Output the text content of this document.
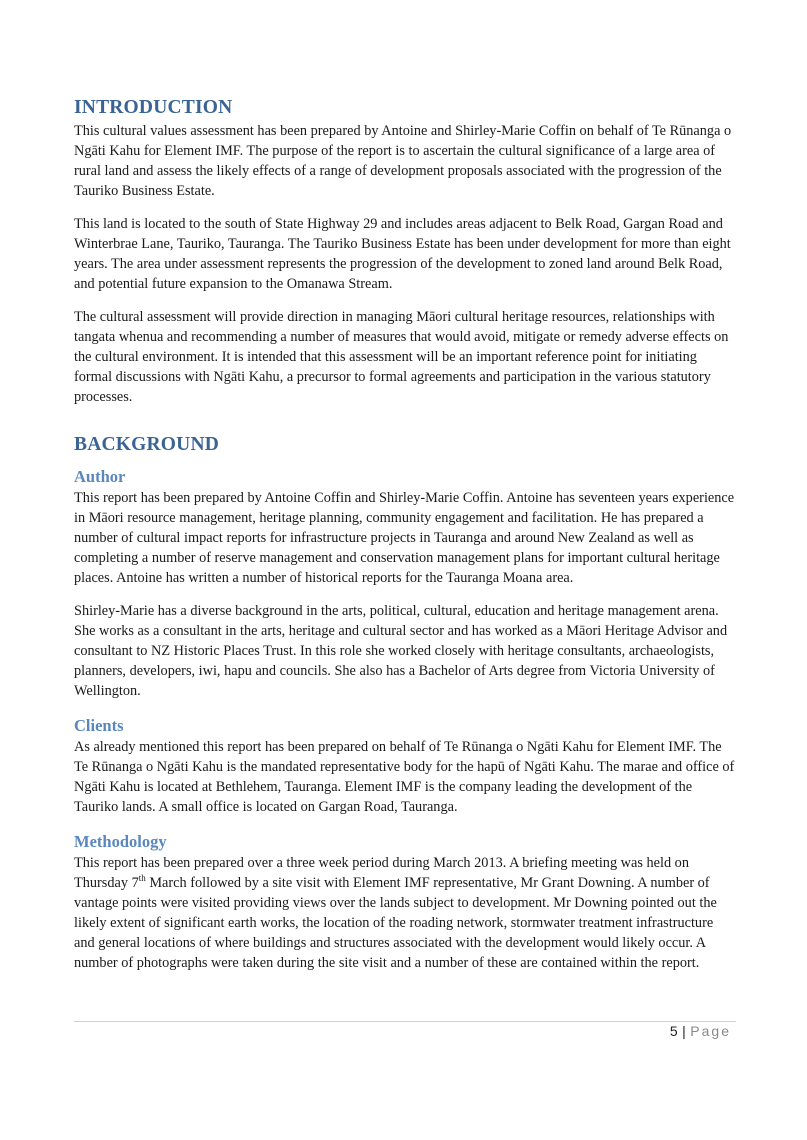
INTRODUCTION

This cultural values assessment has been prepared by Antoine and Shirley-Marie Coffin on behalf of Te Rūnanga o Ngāti Kahu for Element IMF. The purpose of the report is to ascertain the cultural significance of a large area of rural land and assess the likely effects of a range of development proposals associated with the progression of the Tauriko Business Estate.

This land is located to the south of State Highway 29 and includes areas adjacent to Belk Road, Gargan Road and Winterbrae Lane, Tauriko, Tauranga. The Tauriko Business Estate has been under development for more than eight years. The area under assessment represents the progression of the development to zoned land around Belk Road, and potential future expansion to the Omanawa Stream.

The cultural assessment will provide direction in managing Māori cultural heritage resources, relationships with tangata whenua and recommending a number of measures that would avoid, mitigate or remedy adverse effects on the cultural environment. It is intended that this assessment will be an important reference point for initiating formal discussions with Ngāti Kahu, a precursor to formal agreements and participation in the various statutory processes.

BACKGROUND
Author

This report has been prepared by Antoine Coffin and Shirley-Marie Coffin. Antoine has seventeen years experience in Māori resource management, heritage planning, community engagement and facilitation. He has prepared a number of cultural impact reports for infrastructure projects in Tauranga and around New Zealand as well as completing a number of reserve management and conservation management plans for important cultural heritage places. Antoine has written a number of historical reports for the Tauranga Moana area.

Shirley-Marie has a diverse background in the arts, political, cultural, education and heritage management arena. She works as a consultant in the arts, heritage and cultural sector and has worked as a Māori Heritage Advisor and consultant to NZ Historic Places Trust. In this role she worked closely with heritage consultants, archaeologists, planners, developers, iwi, hapu and councils. She also has a Bachelor of Arts degree from Victoria University of Wellington.

Clients

As already mentioned this report has been prepared on behalf of Te Rūnanga o Ngāti Kahu for Element IMF. The Te Rūnanga o Ngāti Kahu is the mandated representative body for the hapū of Ngāti Kahu. The marae and office of Ngāti Kahu is located at Bethlehem, Tauranga. Element IMF is the company leading the development of the Tauriko lands. A small office is located on Gargan Road, Tauranga.

Methodology

This report has been prepared over a three week period during March 2013. A briefing meeting was held on Thursday 7th March followed by a site visit with Element IMF representative, Mr Grant Downing. A number of vantage points were visited providing views over the lands subject to development. Mr Downing pointed out the likely extent of significant earth works, the location of the roading network, stormwater treatment infrastructure and general locations of where buildings and structures associated with the development would likely occur. A number of photographs were taken during the site visit and a number of these are contained within the report.

5 | Page
